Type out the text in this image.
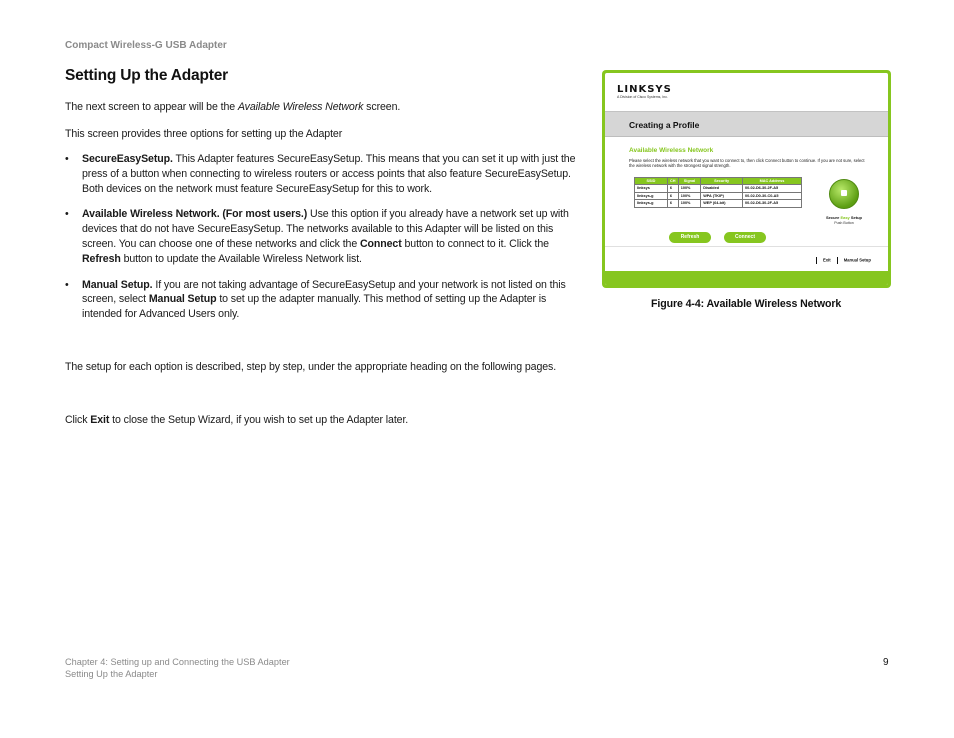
Compact Wireless-G USB Adapter
Setting Up the Adapter
The next screen to appear will be the Available Wireless Network screen.
This screen provides three options for setting up the Adapter
• SecureEasySetup. This Adapter features SecureEasySetup. This means that you can set it up with just the press of a button when connecting to wireless routers or access points that also feature SecureEasySetup. Both devices on the network must feature SecureEasySetup for this to work.
• Available Wireless Network. (For most users.) Use this option if you already have a network set up with devices that do not have SecureEasySetup. The networks available to this Adapter will be listed on this screen. You can choose one of these networks and click the Connect button to connect to it. Click the Refresh button to update the Available Wireless Network list.
• Manual Setup. If you are not taking advantage of SecureEasySetup and your network is not listed on this screen, select Manual Setup to set up the adapter manually. This method of setting up the Adapter is intended for Advanced Users only.
The setup for each option is described, step by step, under the appropriate heading on the following pages.
Click Exit to close the Setup Wizard, if you wish to set up the Adapter later.
LINKSYS
A Division of Cisco Systems, Inc.
Creating a Profile
Available Wireless Network
Please select the wireless network that you want to connect to, then click Connect button to continue. If you are not sure, select the wireless network with the strongest signal strength.
SSID	CH	Signal	Security	MAC Address
linksys	6	100%	Disabled	00-02-D6-30-2F-A5
linksys-g	6	100%	WPA (TKIP)	00-02-D0-30-C0-A5
linksys-g	6	100%	WEP (64-bit)	00-02-D6-30-2F-A5
Refresh	Connect
Secure Easy Setup
Push Button
Exit	Manual Setup
Figure 4-4: Available Wireless Network
Chapter 4: Setting up and Connecting the USB Adapter
Setting Up the Adapter
9
